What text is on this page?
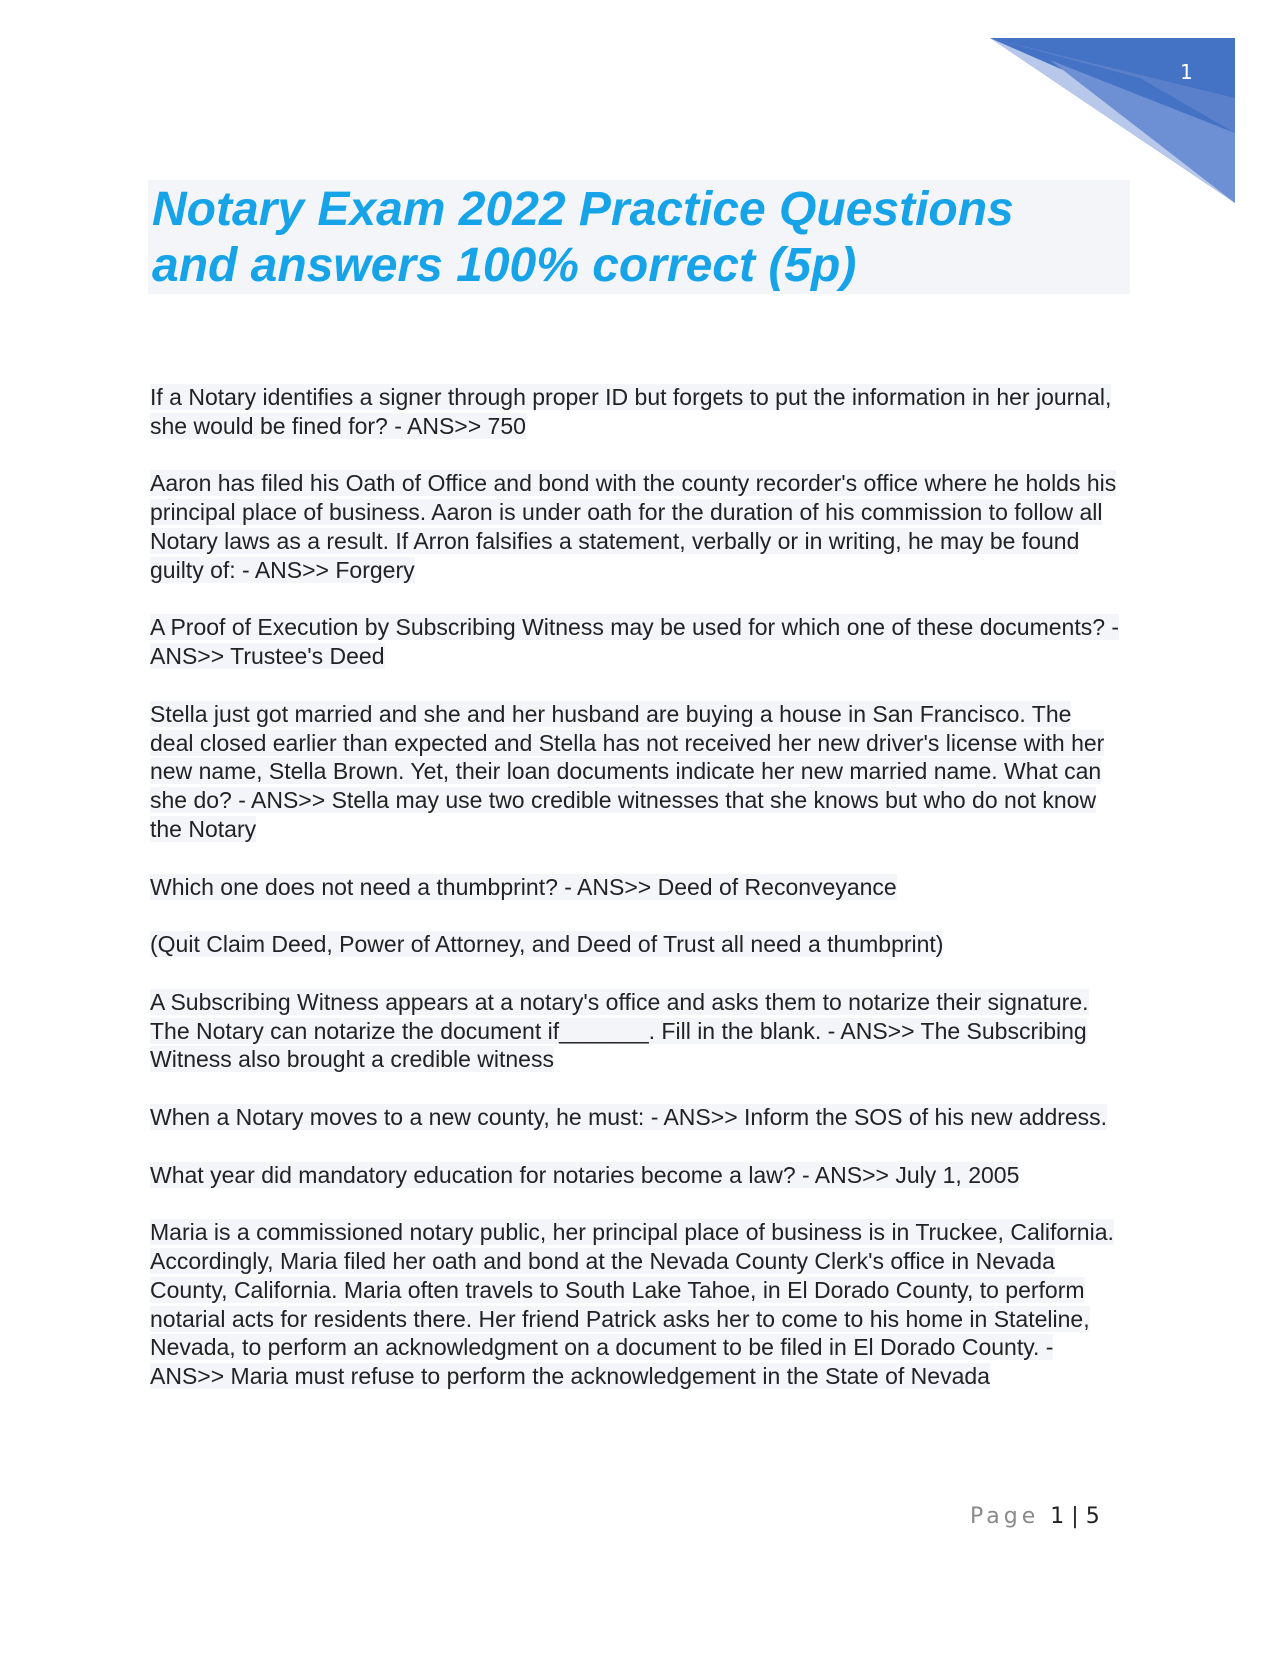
1
Notary Exam 2022 Practice Questions
and answers 100% correct (5p)

If a Notary identifies a signer through proper ID but forgets to put the information in her journal, she would be fined for? - ANS>> 750

Aaron has filed his Oath of Office and bond with the county recorder's office where he holds his principal place of business. Aaron is under oath for the duration of his commission to follow all Notary laws as a result. If Arron falsifies a statement, verbally or in writing, he may be found guilty of: - ANS>> Forgery

A Proof of Execution by Subscribing Witness may be used for which one of these documents? - ANS>> Trustee's Deed

Stella just got married and she and her husband are buying a house in San Francisco. The deal closed earlier than expected and Stella has not received her new driver's license with her new name, Stella Brown. Yet, their loan documents indicate her new married name. What can she do? - ANS>> Stella may use two credible witnesses that she knows but who do not know the Notary

Which one does not need a thumbprint? - ANS>> Deed of Reconveyance

(Quit Claim Deed, Power of Attorney, and Deed of Trust all need a thumbprint)

A Subscribing Witness appears at a notary's office and asks them to notarize their signature. The Notary can notarize the document if_______. Fill in the blank. - ANS>> The Subscribing Witness also brought a credible witness

When a Notary moves to a new county, he must: - ANS>> Inform the SOS of his new address.

What year did mandatory education for notaries become a law? - ANS>> July 1, 2005

Maria is a commissioned notary public, her principal place of business is in Truckee, California. Accordingly, Maria filed her oath and bond at the Nevada County Clerk's office in Nevada County, California. Maria often travels to South Lake Tahoe, in El Dorado County, to perform notarial acts for residents there. Her friend Patrick asks her to come to his home in Stateline, Nevada, to perform an acknowledgment on a document to be filed in El Dorado County. - ANS>> Maria must refuse to perform the acknowledgement in the State of Nevada

Page 1 | 5
